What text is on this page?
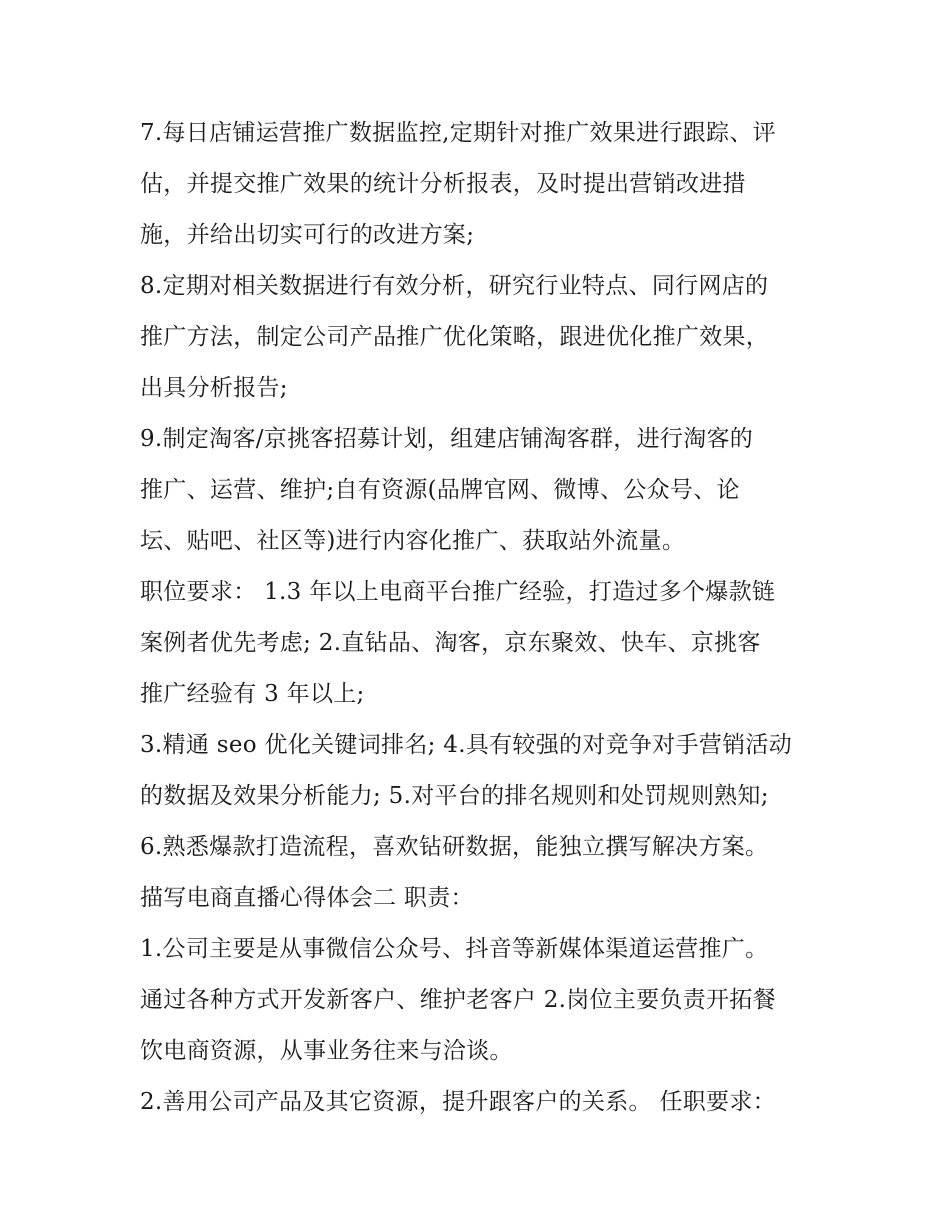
7.每日店铺运营推广数据监控,定期针对推广效果进行跟踪、评
估，并提交推广效果的统计分析报表，及时提出营销改进措
施，并给出切实可行的改进方案;
8.定期对相关数据进行有效分析，研究行业特点、同行网店的
推广方法，制定公司产品推广优化策略，跟进优化推广效果，
出具分析报告;
9.制定淘客/京挑客招募计划，组建店铺淘客群，进行淘客的
推广、运营、维护;自有资源(品牌官网、微博、公众号、论
坛、贴吧、社区等)进行内容化推广、获取站外流量。
职位要求： 1.3 年以上电商平台推广经验，打造过多个爆款链
案例者优先考虑; 2.直钻品、淘客，京东聚效、快车、京挑客
推广经验有 3 年以上;
3.精通 seo 优化关键词排名; 4.具有较强的对竞争对手营销活动
的数据及效果分析能力; 5.对平台的排名规则和处罚规则熟知;
6.熟悉爆款打造流程，喜欢钻研数据，能独立撰写解决方案。
描写电商直播心得体会二 职责：
1.公司主要是从事微信公众号、抖音等新媒体渠道运营推广。
通过各种方式开发新客户、维护老客户 2.岗位主要负责开拓餐
饮电商资源，从事业务往来与洽谈。
2.善用公司产品及其它资源，提升跟客户的关系。 任职要求：
